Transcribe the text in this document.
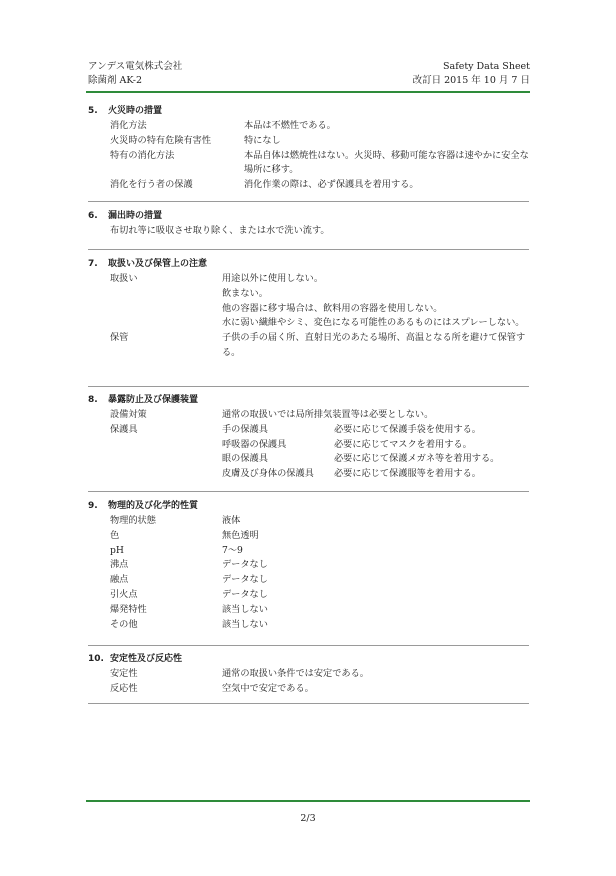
アンデス電気株式会社
除菌剤 AK-2
Safety Data Sheet
改訂日 2015 年 10 月 7 日
5. 火災時の措置
消化方法	本品は不燃性である。
火災時の特有危険有害性	特になし
特有の消化方法	本品自体は燃焼性はない。火災時、移動可能な容器は速やかに安全な場所に移す。
消化を行う者の保護	消化作業の際は、必ず保護具を着用する。
6. 漏出時の措置
布切れ等に吸収させ取り除く、または水で洗い流す。
7. 取扱い及び保管上の注意
取扱い	用途以外に使用しない。
飲まない。
他の容器に移す場合は、飲料用の容器を使用しない。
水に弱い繊維やシミ、変色になる可能性のあるものにはスプレーしない。
保管	子供の手の届く所、直射日光のあたる場所、高温となる所を避けて保管する。
8. 暴露防止及び保護装置
設備対策	通常の取扱いでは局所排気装置等は必要としない。
保護具	手の保護具	必要に応じて保護手袋を使用する。
呼吸器の保護具	必要に応じてマスクを着用する。
眼の保護具	必要に応じて保護メガネ等を着用する。
皮膚及び身体の保護具 必要に応じて保護服等を着用する。
9. 物理的及び化学的性質
物理的状態	液体
色	無色透明
pH	7～9
沸点	データなし
融点	データなし
引火点	データなし
爆発特性	該当しない
その他	該当しない
10. 安定性及び反応性
安定性	通常の取扱い条件では安定である。
反応性	空気中で安定である。
2/3
